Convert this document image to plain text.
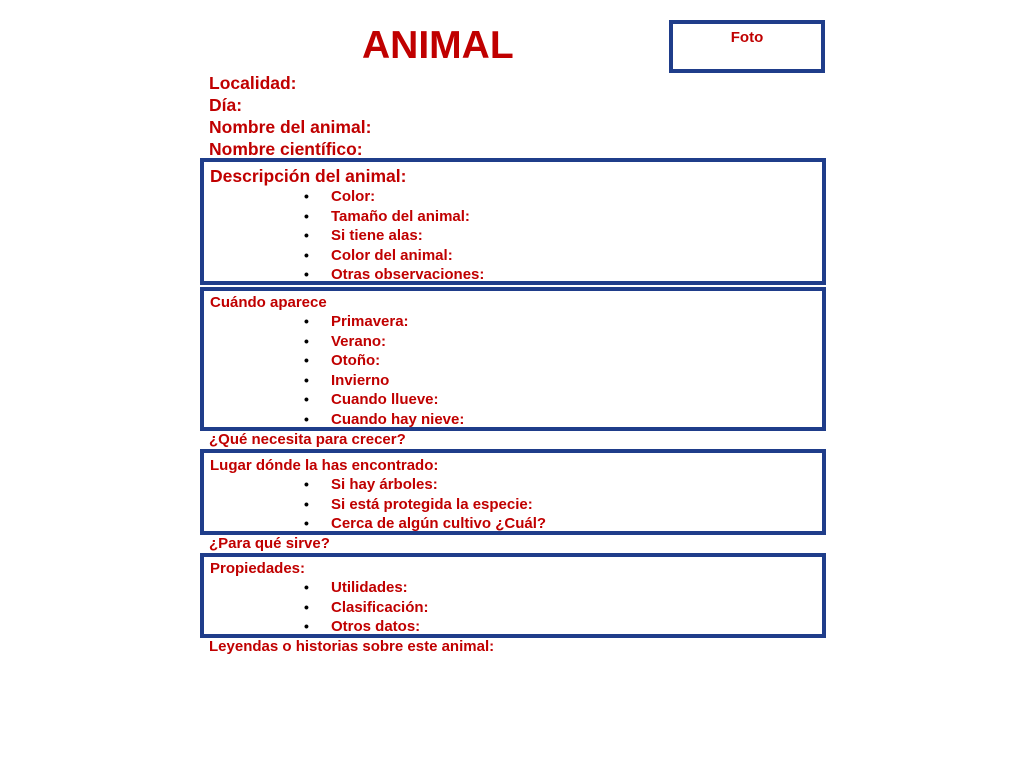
ANIMAL	Foto
Localidad:
Día:
Nombre del animal:
Nombre científico:
Descripción del animal:
• Color:
• Tamaño del animal:
• Si tiene alas:
• Color del animal:
• Otras observaciones:
Cuándo aparece
• Primavera:
• Verano:
• Otoño:
• Invierno
• Cuando llueve:
• Cuando hay nieve:
¿Qué necesita para crecer?
Lugar dónde la has encontrado:
• Si hay árboles:
• Si está protegida la especie:
• Cerca de algún cultivo ¿Cuál?
¿Para qué sirve?
Propiedades:
• Utilidades:
• Clasificación:
• Otros datos:
Leyendas o historias sobre este animal:
